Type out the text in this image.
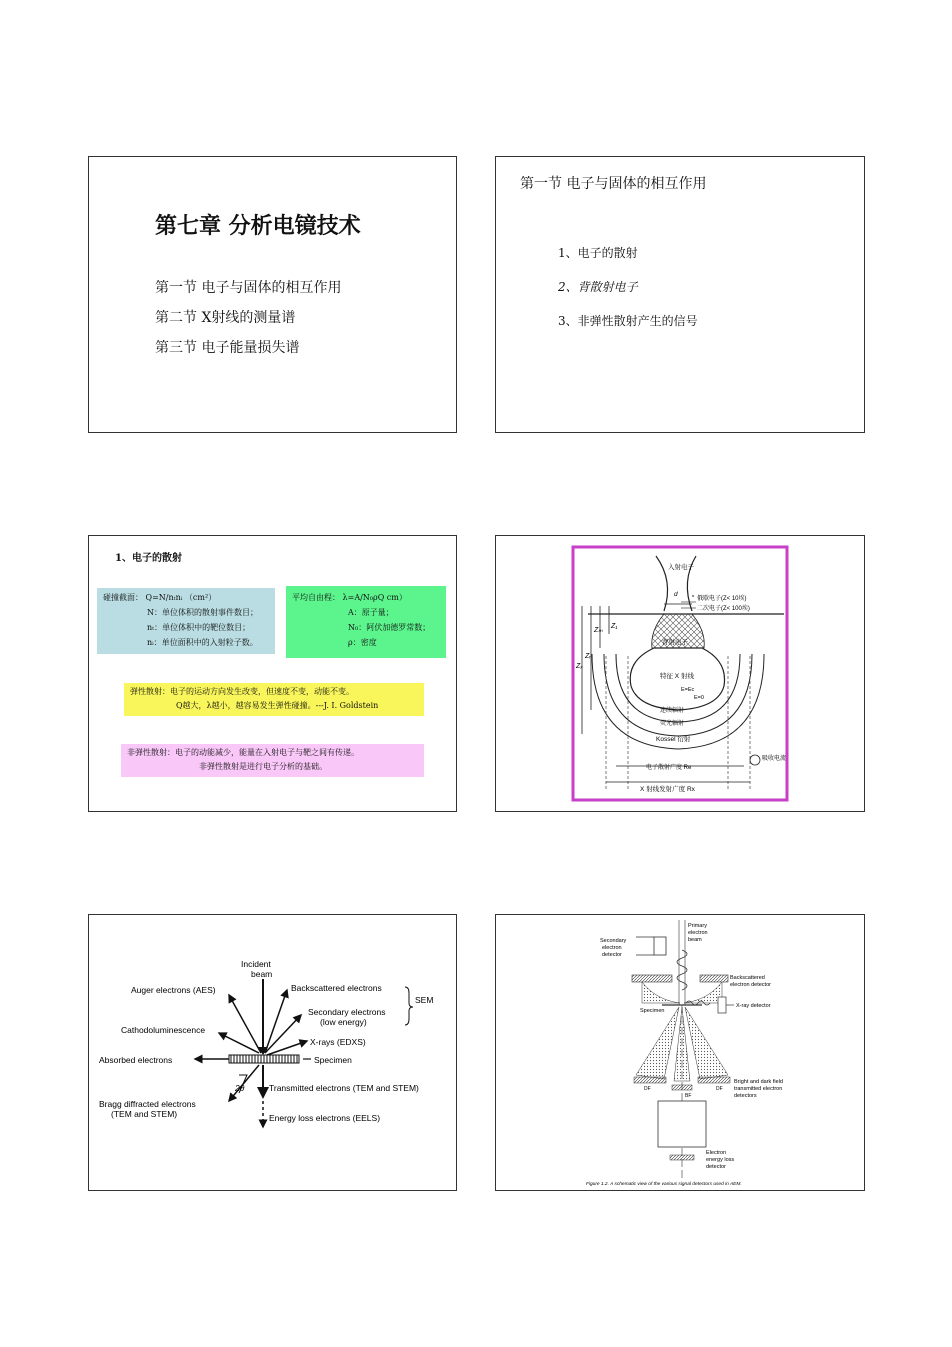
第七章 分析电镜技术
第一节 电子与固体的相互作用
第二节 X射线的测量谱
第三节 电子能量损失谱
第一节 电子与固体的相互作用
1、电子的散射
2、背散射电子
3、非弹性散射产生的信号
1、电子的散射
碰撞截面： Q=N/nₜnᵢ （cm²）
N：单位体积的散射事件数目；
nₜ：单位体积中的靶位数目；
nᵢ：单位面积中的入射粒子数。
平均自由程： λ=A/N₀ρQ cm）
A：原子量；
N₀：阿伏加德罗常数；
ρ：密度
弹性散射：电子的运动方向发生改变，但速度不变，动能不变。
Q越大，λ越小，越容易发生弹性碰撞。---J. I. Goldstein
非弹性散射：电子的动能减少，能量在入射电子与靶之间有传递。
非弹性散射是进行电子分析的基础。
入射电子
d
俄歇电子(Z< 10埃)
二次电子(Z< 100埃)
背射电子
特征 X 射线
E=Eᴄ
E=0
连续辐射
荧光辐射
Kossel 衍射
吸收电流
电子散射广度 Re
X 射线发射广度 Rx
Zₓ
Zᵣ
Zₘ
Z₁
Incident
beam
Auger electrons (AES)	Backscattered electrons
Secondary electrons
(low energy)
SEM
Cathodoluminescence
X-rays (EDXS)
Absorbed electrons	Specimen
2θ
Bragg diffracted electrons
(TEM and STEM)
Transmitted electrons (TEM and STEM)
Energy loss electrons (EELS)
Primary
electron
beam
Secondary
electron
detector
Backscattered
electron detector
X-ray detector
Specimen
DF
BF
DF
Bright and dark field
transmitted electron
detectors
Electron
energy loss
detector
Figure 1.2. A schematic view of the various signal detectors used in AEM.
